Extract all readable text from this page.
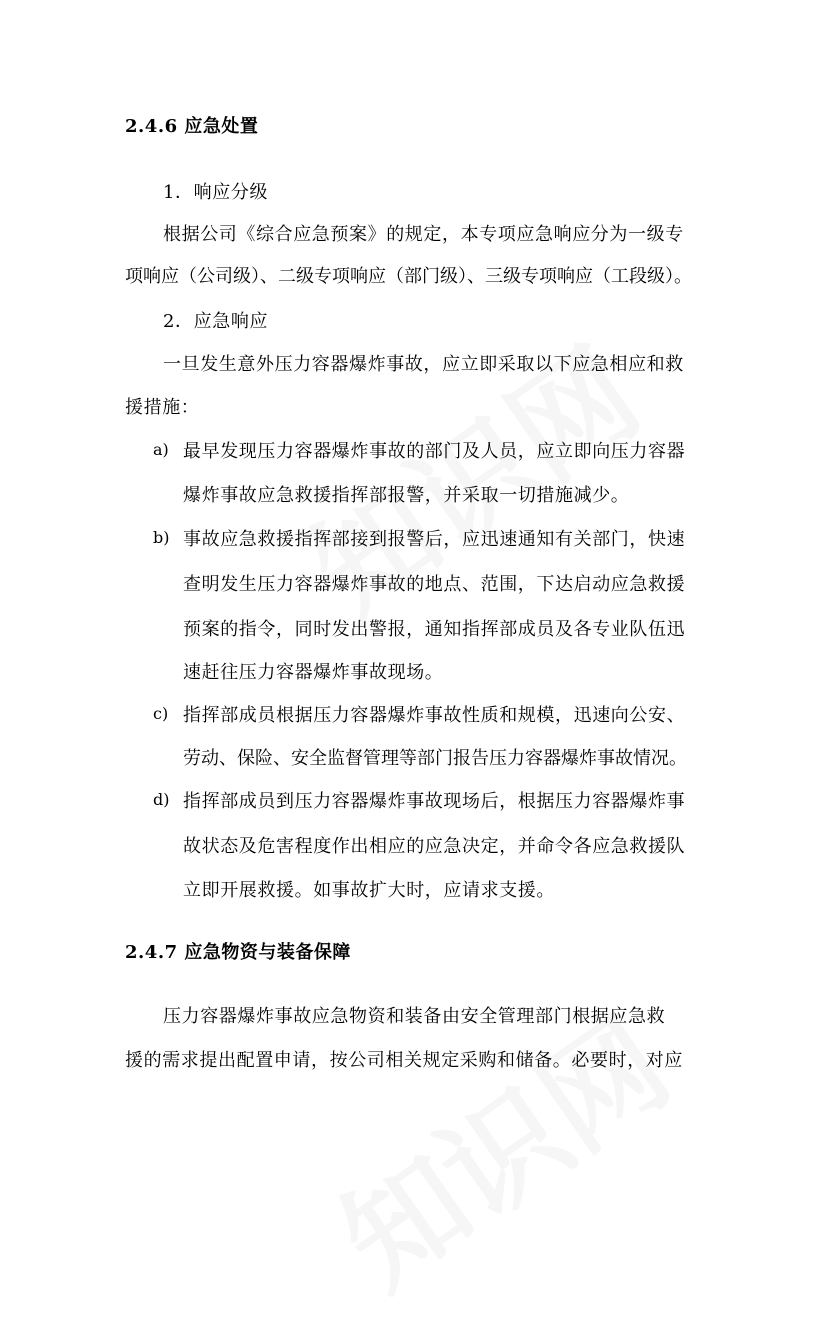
2.4.6 应急处置
1．响应分级
根据公司《综合应急预案》的规定，本专项应急响应分为一级专
项响应（公司级）、二级专项响应（部门级）、三级专项响应（工段级）。
2．应急响应
一旦发生意外压力容器爆炸事故，应立即采取以下应急相应和救
援措施：
a) 最早发现压力容器爆炸事故的部门及人员，应立即向压力容器
爆炸事故应急救援指挥部报警，并采取一切措施减少。
b) 事故应急救援指挥部接到报警后，应迅速通知有关部门，快速
查明发生压力容器爆炸事故的地点、范围，下达启动应急救援
预案的指令，同时发出警报，通知指挥部成员及各专业队伍迅
速赶往压力容器爆炸事故现场。
c) 指挥部成员根据压力容器爆炸事故性质和规模，迅速向公安、
劳动、保险、安全监督管理等部门报告压力容器爆炸事故情况。
d) 指挥部成员到压力容器爆炸事故现场后，根据压力容器爆炸事
故状态及危害程度作出相应的应急决定，并命令各应急救援队
立即开展救援。如事故扩大时，应请求支援。
2.4.7 应急物资与装备保障
压力容器爆炸事故应急物资和装备由安全管理部门根据应急救
援的需求提出配置申请，按公司相关规定采购和储备。必要时，对应
